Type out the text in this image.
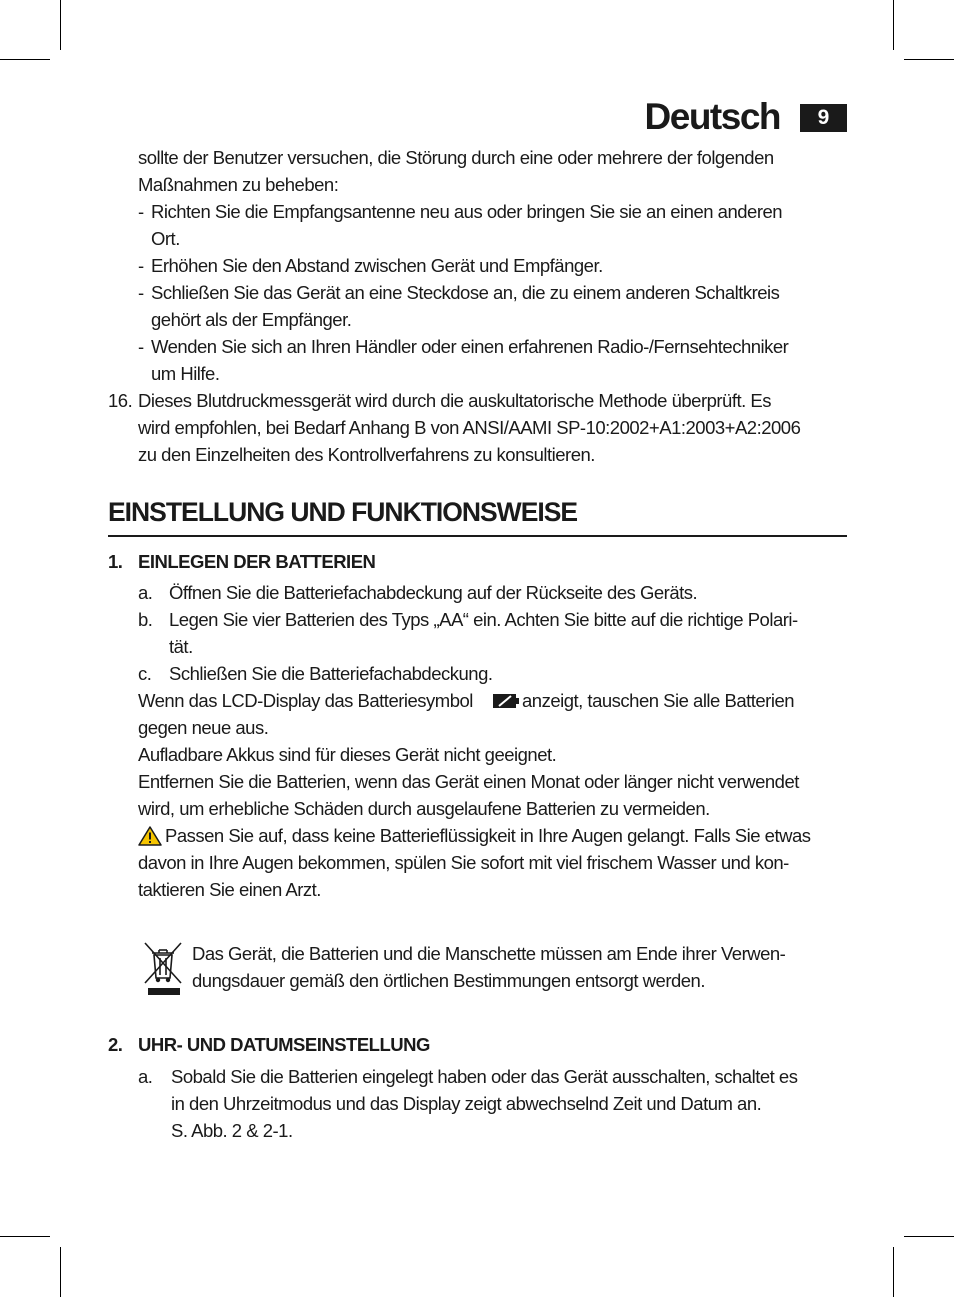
Deutsch	9
sollte der Benutzer versuchen, die Störung durch eine oder mehrere der folgenden
Maßnahmen zu beheben:
- Richten Sie die Empfangsantenne neu aus oder bringen Sie sie an einen anderen
Ort.
- Erhöhen Sie den Abstand zwischen Gerät und Empfänger.
- Schließen Sie das Gerät an eine Steckdose an, die zu einem anderen Schaltkreis
gehört als der Empfänger.
- Wenden Sie sich an Ihren Händler oder einen erfahrenen Radio-/Fernsehtechniker
um Hilfe.
16. Dieses Blutdruckmessgerät wird durch die auskultatorische Methode überprüft. Es
wird empfohlen, bei Bedarf Anhang B von ANSI/AAMI SP-10:2002+A1:2003+A2:2006
zu den Einzelheiten des Kontrollverfahrens zu konsultieren.
EINSTELLUNG UND FUNKTIONSWEISE
1. EINLEGEN DER BATTERIEN
a. Öffnen Sie die Batteriefachabdeckung auf der Rückseite des Geräts.
b. Legen Sie vier Batterien des Typs „AA“ ein. Achten Sie bitte auf die richtige Polari-
tät.
c. Schließen Sie die Batteriefachabdeckung.
Wenn das LCD-Display das Batteriesymbol	anzeigt, tauschen Sie alle Batterien
gegen neue aus.
Aufladbare Akkus sind für dieses Gerät nicht geeignet.
Entfernen Sie die Batterien, wenn das Gerät einen Monat oder länger nicht verwendet
wird, um erhebliche Schäden durch ausgelaufene Batterien zu vermeiden.
Passen Sie auf, dass keine Batterieflüssigkeit in Ihre Augen gelangt. Falls Sie etwas
davon in Ihre Augen bekommen, spülen Sie sofort mit viel frischem Wasser und kon-
taktieren Sie einen Arzt.
Das Gerät, die Batterien und die Manschette müssen am Ende ihrer Verwen-
dungsdauer gemäß den örtlichen Bestimmungen entsorgt werden.
2. UHR- UND DATUMSEINSTELLUNG
a. Sobald Sie die Batterien eingelegt haben oder das Gerät ausschalten, schaltet es
in den Uhrzeitmodus und das Display zeigt abwechselnd Zeit und Datum an.
S. Abb. 2 & 2-1.
